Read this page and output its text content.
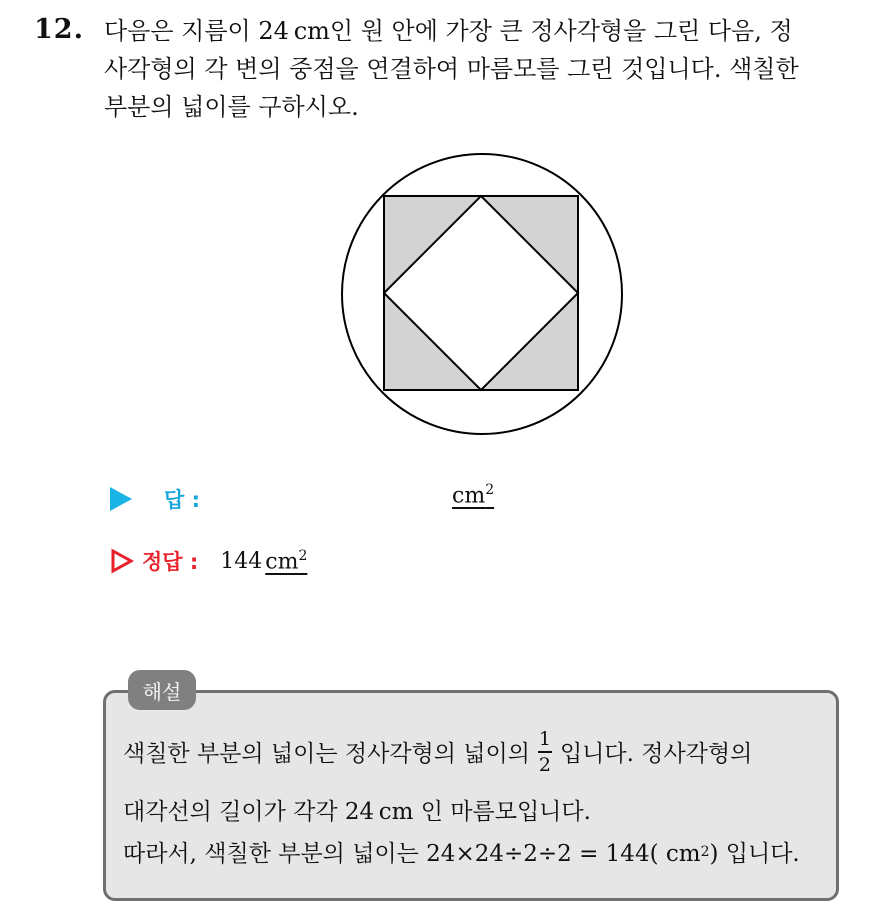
12. 다음은 지름이 24 cm인 원 안에 가장 큰 정사각형을 그린 다음, 정
사각형의 각 변의 중점을 연결하여 마름모를 그린 것입니다. 색칠한
부분의 넓이를 구하시오.
답 :	$cm^2$
정답 : 144 $cm^2$
해설
색칠한 부분의 넓이는 정사각형의 넓이의 $\frac{1}{2}$ 입니다. 정사각형의
대각선의 길이가 각각 24 cm 인 마름모입니다.
따라서, 색칠한 부분의 넓이는 24×24÷2÷2 = 144( cm 2 ) 입니다.
